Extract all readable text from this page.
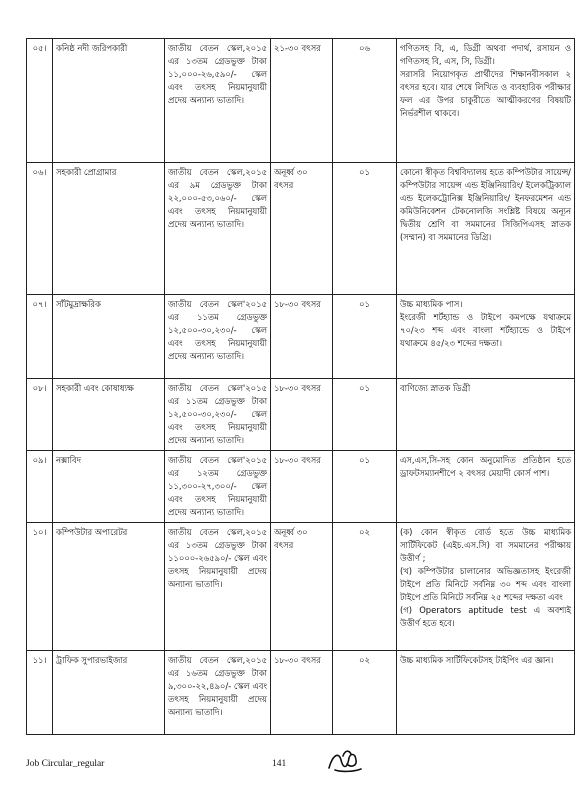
০৫।	কনিষ্ঠ নদী জরিপকারী	জাতীয় বেতন স্কেল,২০১৫ এর ১৩তম গ্রেডভুক্ত টাকা ১১,০০০-২৬,৫৯০/- স্কেল এবং তৎসহ নিয়মানুযায়ী প্রদেয় অন্যান্য ভাতাদি।	২১-৩০ বৎসর	০৬	গণিতসহ বি, এ, ডিগ্রী অথবা পদার্থ, রসায়ন ও গণিতসহ বি, এস, সি, ডিগ্রী।
সরাসরি নিয়োগকৃত প্রার্থীদের শিক্ষানবীসকাল ২ বৎসর হবে। যার শেষে লিখিত ও ব্যবহারিক পরীক্ষার ফল এর উপর চাকুরীতে আত্মীকরণের বিষয়টি নির্ভরশীল থাকবে।

০৬।	সহকারী প্রোগ্রামার	জাতীয় বেতন স্কেল,২০১৫ এর ৯ম গ্রেডভুক্ত টাকা ২২,০০০-৫৩,০৬০/- স্কেল এবং তৎসহ নিয়মানুযায়ী প্রদেয় অন্যান্য ভাতাদি।	অনূর্ধ্ব ৩০ বৎসর	০১	কোনো স্বীকৃত বিশ্ববিদ্যালয় হতে কম্পিউটার সায়েন্স/কম্পিউটার সায়েন্স এন্ড ইঞ্জিনিয়ারিং/ ইলেকট্রিক্যাল এন্ড ইলেকট্রোনিক্স ইঞ্জিনিয়ারিং/ ইনফরমেশন এন্ড কমিউনিকেশন টেকনোলজি সংশ্লিষ্ট বিষয়ে অন্যূন দ্বিতীয় শ্রেণি বা সমমানের সিজিপিএসহ স্নাতক (সম্মান) বা সমমানের ডিগ্রি।

০৭।	সাঁটমুদ্রাক্ষরিক	জাতীয় বেতন স্কেল'২০১৫ এর ১১তম গ্রেডভুক্ত ১২,৫০০-৩০,২৩০/- স্কেল এবং তৎসহ নিয়মানুযায়ী প্রদেয় অন্যান্য ভাতাদি।	১৮-৩০ বৎসর	০১	উচ্চ মাধ্যমিক পাস।
ইংরেজী শর্টহ্যান্ড ও টাইপে কমপক্ষে যথাক্রমে ৭০/২৩ শব্দ এবং বাংলা শর্টহ্যান্ডে ও টাইপে যথাক্রমে ৪৫/২৩ শব্দের দক্ষতা।

০৮।	সহকারী এবং কোষাধ্যক্ষ	জাতীয় বেতন স্কেল'২০১৫ এর ১১তম গ্রেডভুক্ত টাকা ১২,৫০০-৩০,২৩০/- স্কেল এবং তৎসহ নিয়মানুযায়ী প্রদেয় অন্যান্য ভাতাদি।	১৮-৩০ বৎসর	০১	বাণিজ্যে স্নাতক ডিগ্রী

০৯।	নক্সাবিদ	জাতীয় বেতন স্কেল'২০১৫ এর ১২তম গ্রেডভুক্ত ১১,৩০০-২৭,৩০০/- স্কেল এবং তৎসহ নিয়মানুযায়ী প্রদেয় অন্যান্য ভাতাদি।	১৮-৩০ বৎসর	০১	এস,এস,সি-সহ কোন অনুমোদিত প্রতিষ্ঠান হতে ড্রাফটসম্যানশীপে ২ বৎসর মেয়াদী কোর্স পাশ।

১০।	কম্পিউটার অপারেটর	জাতীয় বেতন স্কেল,২০১৫ এর ১৩তম গ্রেডভুক্ত টাকা ১১০০০-২৬৫৯০/- স্কেল এবং তৎসহ নিয়মানুযায়ী প্রদেয় অন্যান্য ভাতাদি।	অনূর্ধ্ব ৩০ বৎসর	০২	(ক) কোন স্বীকৃত বোর্ড হতে উচ্চ মাধ্যমিক সার্টিফিকেট (এইচ.এস.সি) বা সমমানের পরীক্ষায় উত্তীর্ণ ;
(খ) কম্পিউটার চালানোর অভিজ্ঞতাসহ ইংরেজী টাইপে প্রতি মিনিটে সর্বনিম্ন ৩০ শব্দ এবং বাংলা টাইপে প্রতি মিনিটে সর্বনিম্ন ২৫ শব্দের দক্ষতা এবং
(গ) Operators aptitude test এ অবশ্যই উত্তীর্ণ হতে হবে।

১১।	ট্রাফিক সুপারভাইজার	জাতীয় বেতন স্কেল,২০১৫ এর ১৬তম গ্রেডভুক্ত টাকা ৯,৩০০-২২,৪৯০/- স্কেল এবং তৎসহ নিয়মানুযায়ী প্রদেয় অন্যান্য ভাতাদি।	১৮-৩০ বৎসর	০২	উচ্চ মাধ্যমিক সার্টিফিকেটসহ টাইপিং এর জ্ঞান।
Job Circular_regular	141
